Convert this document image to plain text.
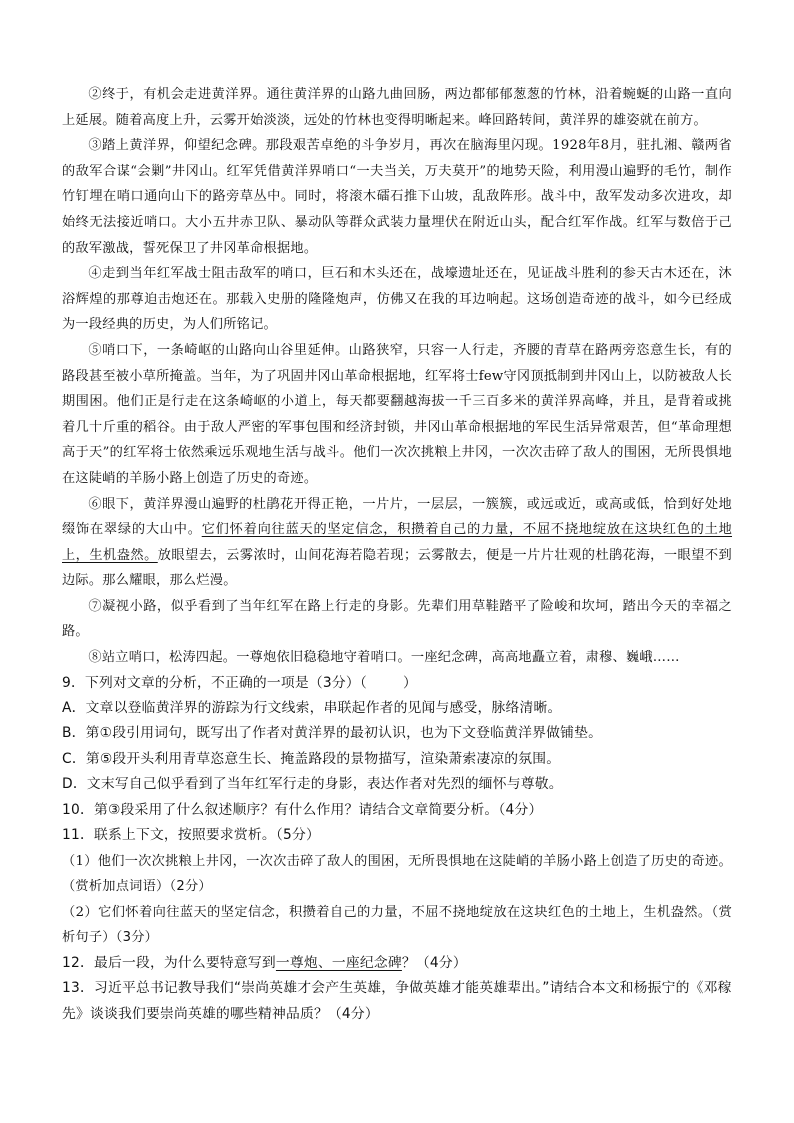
②终于，有机会走进黄洋界。通往黄洋界的山路九曲回肠，两边都郁郁葱葱的竹林，沿着蜿蜒的山路一直向上延展。随着高度上升，云雾开始淡淡，远处的竹林也变得明晰起来。峰回路转间，黄洋界的雄姿就在前方。

③踏上黄洋界，仰望纪念碑。那段艰苦卓绝的斗争岁月，再次在脑海里闪现。1928年8月，驻扎湘、赣两省的敌军合谋“会剿”井冈山。红军凭借黄洋界哨口“一夫当关，万夫莫开”的地势天险，利用漫山遍野的毛竹，制作竹钉埋在哨口通向山下的路旁草丛中。同时，将滚木礌石推下山坡，乱敌阵形。战斗中，敌军发动多次进攻，却始终无法接近哨口。大小五井赤卫队、暴动队等群众武装力量埋伏在附近山头，配合红军作战。红军与数倍于己的敌军激战，誓死保卫了井冈革命根据地。

④走到当年红军战士阻击敌军的哨口，巨石和木头还在，战壕遗址还在，见证战斗胜利的参天古木还在，沐浴辉煌的那尊迫击炮还在。那载入史册的隆隆炮声，仿佛又在我的耳边响起。这场创造奇迹的战斗，如今已经成为一段经典的历史，为人们所铭记。

⑤哨口下，一条崎岖的山路向山谷里延伸。山路狭窄，只容一人行走，齐腰的青草在路两旁恣意生长，有的路段甚至被小草所掩盖。当年，为了巩固井冈山革命根据地，红军将士few守冈顶抵制到井冈山上，以防被敌人长期围困。他们正是行走在这条崎岖的小道上，每天都要翻越海拔一千三百多米的黄洋界高峰，并且，是背着或挑着几十斤重的稻谷。由于敌人严密的军事包围和经济封锁，井冈山革命根据地的军民生活异常艰苦，但“革命理想高于天”的红军将士依然乘远乐观地生活与战斗。他们一次次挑粮上井冈，一次次击碎了敌人的围困，无所畏惧地在这陡峭的羊肠小路上创造了历史的奇迹。

⑥眼下，黄洋界漫山遍野的杜鹃花开得正艳，一片片，一层层，一簇簇，或远或近，或高或低，恰到好处地缀饰在翠绿的大山中。它们怀着向往蓝天的坚定信念，积攒着自己的力量，不屈不挠地绽放在这块红色的土地上，生机盎然。放眼望去，云雾浓时，山间花海若隐若现；云雾散去，便是一片片壮观的杜鹃花海，一眼望不到边际。那么耀眼，那么烂漫。

⑦凝视小路，似乎看到了当年红军在路上行走的身影。先辈们用草鞋踏平了险峻和坎坷，踏出今天的幸福之路。

⑧站立哨口，松涛四起。一尊炮依旧稳稳地守着哨口。一座纪念碑，高高地矗立着，肃穆、巍峨……

9．下列对文章的分析，不正确的一项是（3分）（	）

A．文章以登临黄洋界的游踪为行文线索，串联起作者的见闻与感受，脉络清晰。

B．第①段引用词句，既写出了作者对黄洋界的最初认识，也为下文登临黄洋界做铺垫。

C．第⑤段开头利用青草恣意生长、掩盖路段的景物描写，渲染萧索凄凉的氛围。

D．文末写自己似乎看到了当年红军行走的身影，表达作者对先烈的缅怀与尊敬。

10．第③段采用了什么叙述顺序？有什么作用？请结合文章简要分析。（4分）

11．联系上下文，按照要求赏析。（5分）

（1）他们一次次挑粮上井冈，一次次击碎了敌人的围困，无所畏惧地在这陡峭的羊肠小路上创造了历史的奇迹。（赏析加点词语）（2分）

（2）它们怀着向往蓝天的坚定信念，积攒着自己的力量，不屈不挠地绽放在这块红色的土地上，生机盎然。（赏析句子）（3分）

12．最后一段，为什么要特意写到一尊炮、一座纪念碑？（4分）

13．习近平总书记教导我们“崇尚英雄才会产生英雄，争做英雄才能英雄辈出。”请结合本文和杨振宁的《邓稼先》谈谈我们要崇尚英雄的哪些精神品质？（4分）
